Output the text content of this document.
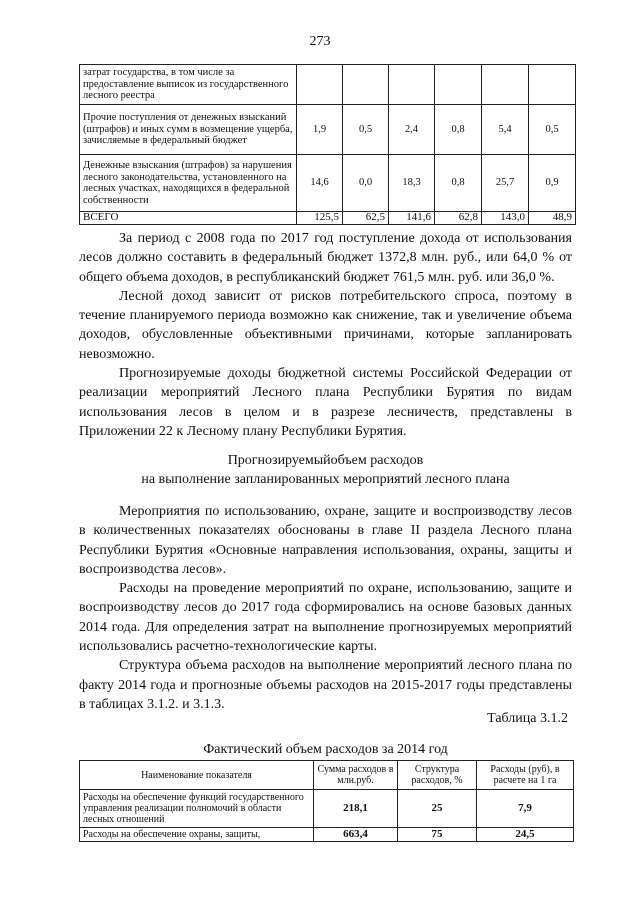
273
затрат государства, в том числе за предоставление выписок из государственного лесного реестра						
Прочие поступления от денежных взысканий (штрафов) и иных сумм в возмещение ущерба, зачисляемые в федеральный бюджет	1,9	0,5	2,4	0,8	5,4	0,5
Денежные взыскания (штрафов) за нарушения лесного законодательства, установленного на лесных участках, находящихся в федеральной собственности	14,6	0,0	18,3	0,8	25,7	0,9
ВСЕГО	125,5	62,5	141,6	62,8	143,0	48,9

За период с 2008 года по 2017 год поступление дохода от использования лесов должно составить в федеральный бюджет 1372,8 млн. руб., или 64,0 % от общего объема доходов, в республиканский бюджет 761,5 млн. руб. или 36,0 %.

Лесной доход зависит от рисков потребительского спроса, поэтому в течение планируемого периода возможно как снижение, так и увеличение объема доходов, обусловленные объективными причинами, которые запланировать невозможно.

Прогнозируемые доходы бюджетной системы Российской Федерации от реализации мероприятий Лесного плана Республики Бурятия по видам использования лесов в целом и в разрезе лесничеств, представлены в Приложении 22 к Лесному плану Республики Бурятия.

Прогнозируемыйобъем расходов
на выполнение запланированных мероприятий лесного плана

Мероприятия по использованию, охране, защите и воспроизводству лесов в количественных показателях обоснованы в главе II раздела Лесного плана Республики Бурятия «Основные направления использования, охраны, защиты и воспроизводства лесов».

Расходы на проведение мероприятий по охране, использованию, защите и воспроизводству лесов до 2017 года сформировались на основе базовых данных 2014 года. Для определения затрат на выполнение прогнозируемых мероприятий использовались расчетно-технологические карты.

Структура объема расходов на выполнение мероприятий лесного плана по факту 2014 года и прогнозные объемы расходов на 2015-2017 годы представлены в таблицах 3.1.2. и 3.1.3.

Таблица 3.1.2
Фактический объем расходов за 2014 год
Наименование показателя	Сумма расходов в млн.руб.	Структура расходов, %	Расходы (руб), в расчете на 1 га
Расходы на обеспечение функций государственного управления реализации полномочий в области лесных отношений	218,1	25	7,9
Расходы на обеспечение охраны, защиты,	663,4	75	24,5
